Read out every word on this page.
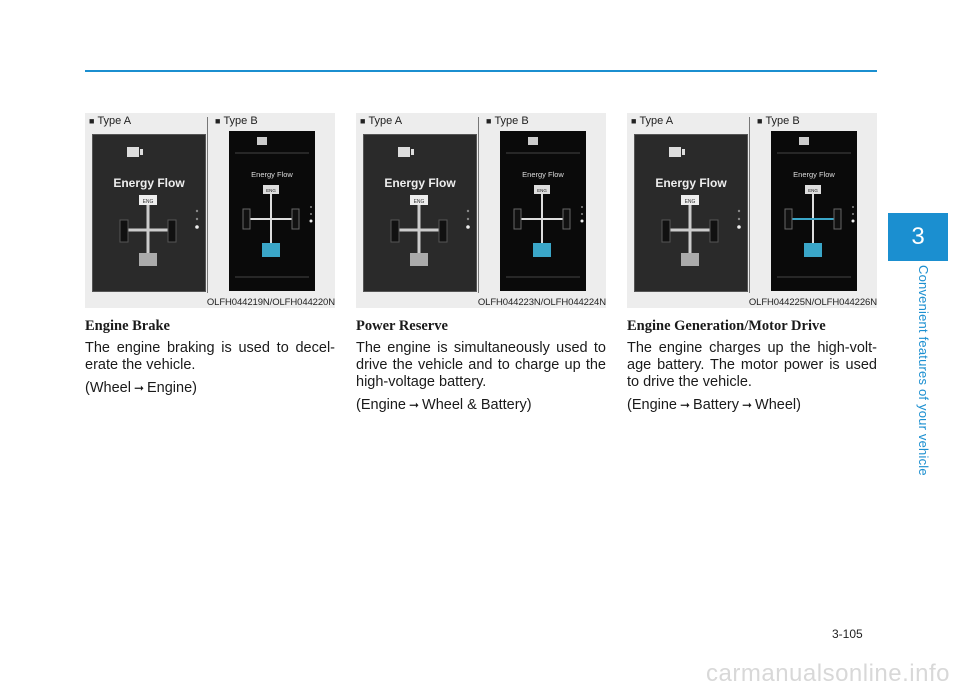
■ Type A	■ Type B
Energy Flow
ENG
Energy Flow
ENG
OLFH044219N/OLFH044220N
Engine Brake
The engine braking is used to decel-erate the vehicle.
(Wheel ➞ Engine)
■ Type A	■ Type B
Energy Flow
ENG
Energy Flow
ENG
OLFH044223N/OLFH044224N
Power Reserve
The engine is simultaneously used to drive the vehicle and to charge up the high-voltage battery.
(Engine ➞ Wheel & Battery)
■ Type A	■ Type B
Energy Flow
ENG
Energy Flow
ENG
OLFH044225N/OLFH044226N
Engine Generation/Motor Drive
The engine charges up the high-volt-age battery. The motor power is used to drive the vehicle.
(Engine ➞ Battery ➞ Wheel)
3
Convenient features of your vehicle
3-105
carmanualsonline.info
